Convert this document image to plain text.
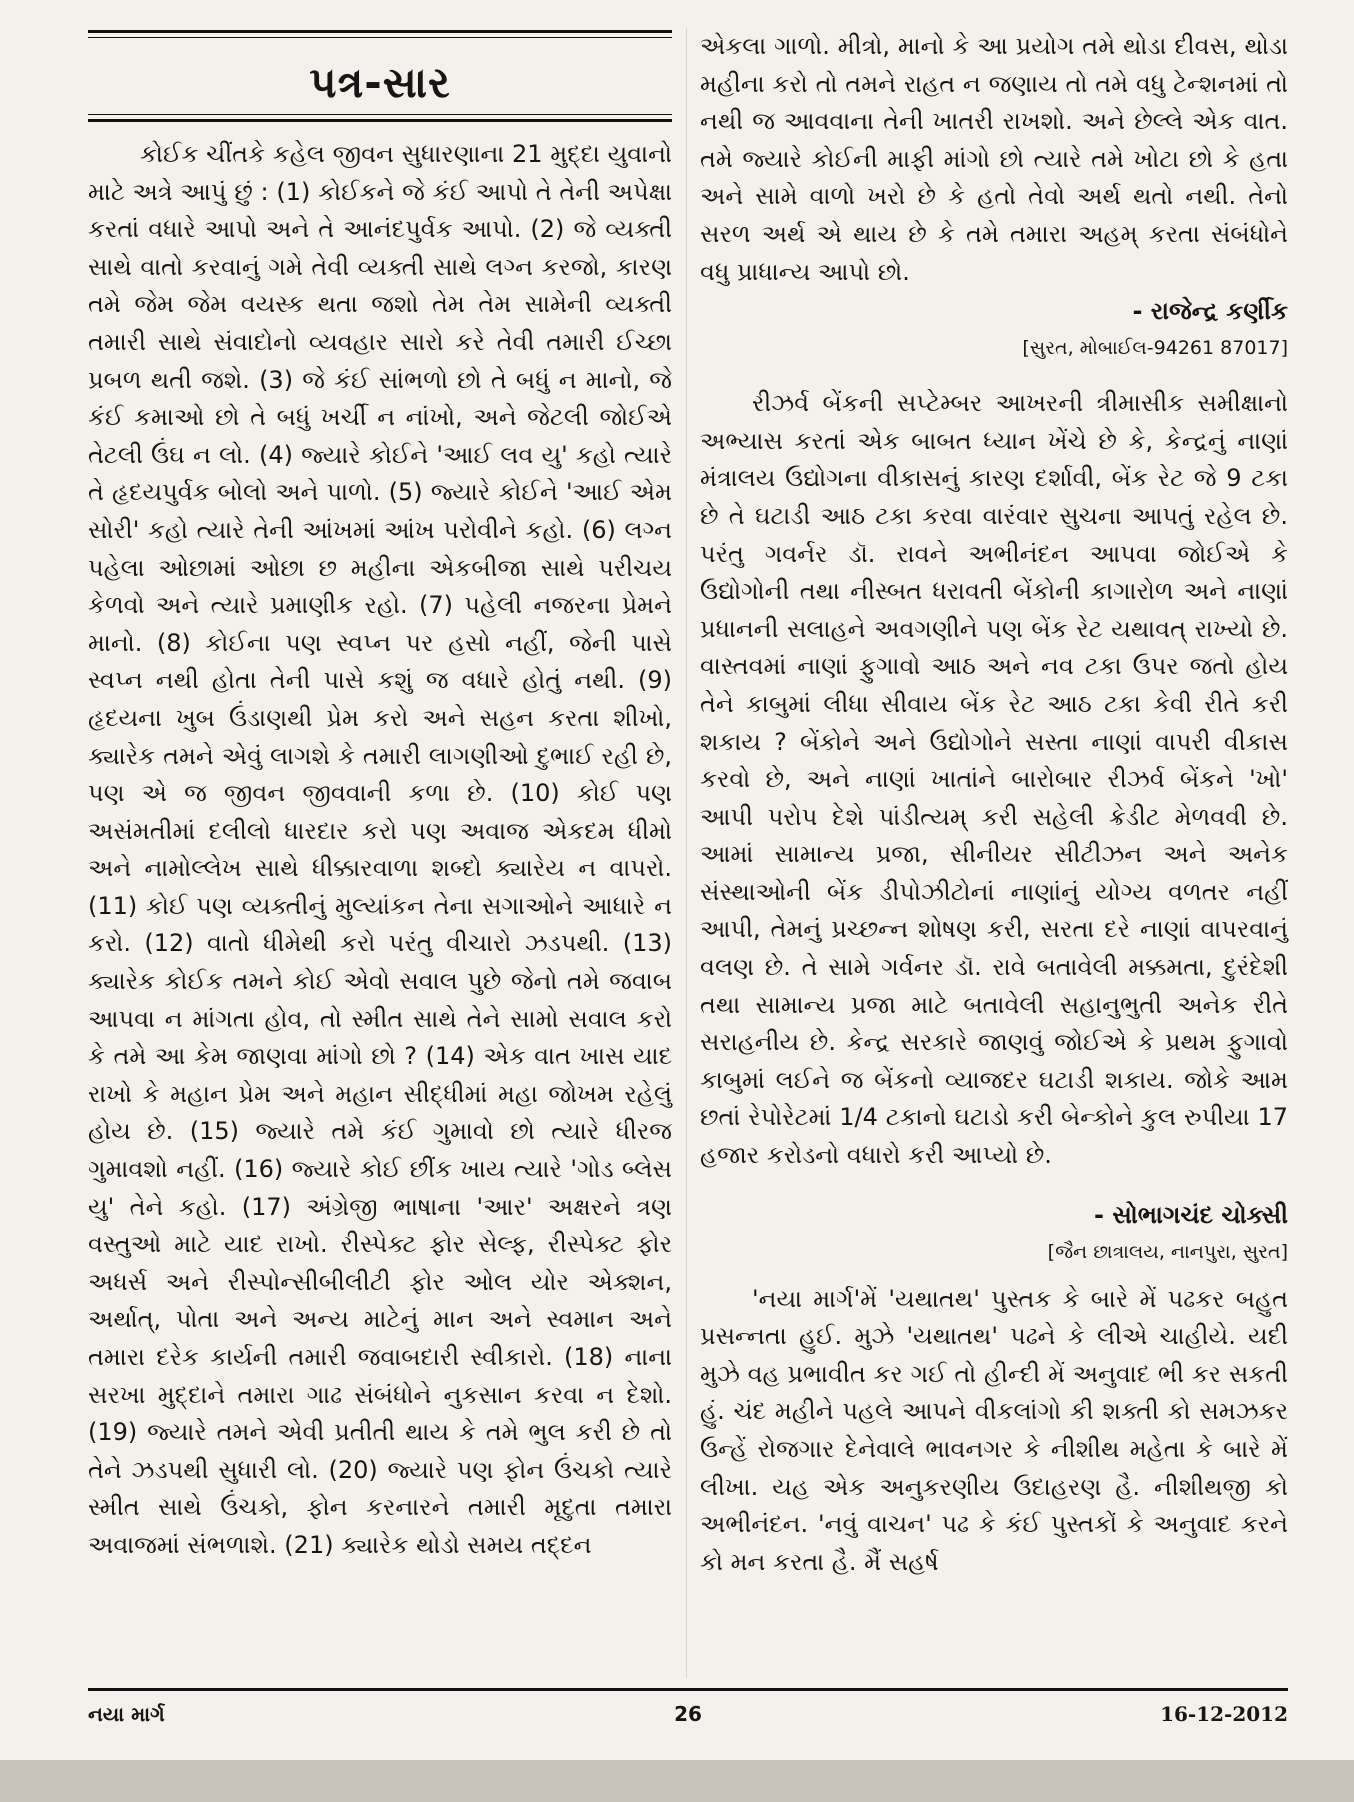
પત્ર-સાર

કોઈક ચીંતકે કહેલ જીવન સુધારણાના 21 મુદ્દા યુવાનો માટે અત્રે આપું છું : (1) કોઈકને જે કંઈ આપો તે તેની અપેક્ષા કરતાં વધારે આપો અને તે આનંદપુર્વક આપો. (2) જે વ્યક્તી સાથે વાતો કરવાનું ગમે તેવી વ્યક્તી સાથે લગ્ન કરજો, કારણ તમે જેમ જેમ વયસ્ક થતા જશો તેમ તેમ સામેની વ્યક્તી તમારી સાથે સંવાદોનો વ્યવહાર સારો કરે તેવી તમારી ઈચ્છા પ્રબળ થતી જશે. (3) જે કંઈ સાંભળો છો તે બધું ન માનો, જે કંઈ કમાઓ છો તે બધું ખર્ચી ન નાંખો, અને જેટલી જોઈએ તેટલી ઉંઘ ન લો. (4) જ્યારે કોઈને 'આઈ લવ યુ' કહો ત્યારે તે હૃદયપુર્વક બોલો અને પાળો. (5) જ્યારે કોઈને 'આઈ એમ સોરી' કહો ત્યારે તેની આંખમાં આંખ પરોવીને કહો. (6) લગ્ન પહેલા ઓછામાં ઓછા છ મહીના એકબીજા સાથે પરીચય કેળવો અને ત્યારે પ્રમાણીક રહો. (7) પહેલી નજરના પ્રેમને માનો. (8) કોઈના પણ સ્વપ્ન પર હસો નહીં, જેની પાસે સ્વપ્ન નથી હોતા તેની પાસે કશું જ વધારે હોતું નથી. (9) હૃદયના ખુબ ઉંડાણથી પ્રેમ કરો અને સહન કરતા શીખો, ક્યારેક તમને એવું લાગશે કે તમારી લાગણીઓ દુભાઈ રહી છે, પણ એ જ જીવન જીવવાની કળા છે. (10) કોઈ પણ અસંમતીમાં દલીલો ધારદાર કરો પણ અવાજ એકદમ ધીમો અને નામોલ્લેખ સાથે ધીક્કારવાળા શબ્દો ક્યારેય ન વાપરો. (11) કોઈ પણ વ્યક્તીનું મુલ્યાંકન તેના સગાઓને આધારે ન કરો. (12) વાતો ધીમેથી કરો પરંતુ વીચારો ઝડપથી. (13) ક્યારેક કોઈક તમને કોઈ એવો સવાલ પુછે જેનો તમે જવાબ આપવા ન માંગતા હોવ, તો સ્મીત સાથે તેને સામો સવાલ કરો કે તમે આ કેમ જાણવા માંગો છો ? (14) એક વાત ખાસ યાદ રાખો કે મહાન પ્રેમ અને મહાન સીદ્ધીમાં મહા જોખમ રહેલું હોય છે. (15) જ્યારે તમે કંઈ ગુમાવો છો ત્યારે ધીરજ ગુમાવશો નહીં. (16) જ્યારે કોઈ છીંક ખાય ત્યારે 'ગોડ બ્લેસ યુ' તેને કહો. (17) અંગ્રેજી ભાષાના 'આર' અક્ષરને ત્રણ વસ્તુઓ માટે યાદ રાખો. રીસ્પેક્ટ ફોર સેલ્ફ, રીસ્પેક્ટ ફોર અધર્સ અને રીસ્પોન્સીબીલીટી ફોર ઓલ યોર એક્શન, અર્થાત્, પોતા અને અન્ય માટેનું માન અને સ્વમાન અને તમારા દરેક કાર્યની તમારી જવાબદારી સ્વીકારો. (18) નાના સરખા મુદ્દાને તમારા ગાઢ સંબંધોને નુકસાન કરવા ન દેશો. (19) જ્યારે તમને એવી પ્રતીતી થાય કે તમે ભુલ કરી છે તો તેને ઝડપથી સુધારી લો. (20) જ્યારે પણ ફોન ઉંચકો ત્યારે સ્મીત સાથે ઉંચકો, ફોન કરનારને તમારી મૃદુતા તમારા અવાજમાં સંભળાશે. (21) ક્યારેક થોડો સમય તદ્દન

એકલા ગાળો. મીત્રો, માનો કે આ પ્રયોગ તમે થોડા દીવસ, થોડા મહીના કરો તો તમને રાહત ન જણાય તો તમે વધુ ટેન્શનમાં તો નથી જ આવવાના તેની ખાતરી રાખશો. અને છેલ્લે એક વાત. તમે જ્યારે કોઈની માફી માંગો છો ત્યારે તમે ખોટા છો કે હતા અને સામે વાળો ખરો છે કે હતો તેવો અર્થ થતો નથી. તેનો સરળ અર્થ એ થાય છે કે તમે તમારા અહમ્ કરતા સંબંધોને વધુ પ્રાધાન્ય આપો છો.

- રાજેન્દ્ર કર્ણીક

[સુરત, મોબાઈલ-94261 87017]

રીઝર્વ બેંકની સપ્ટેમ્બર આખરની ત્રીમાસીક સમીક્ષાનો અભ્યાસ કરતાં એક બાબત ધ્યાન ખેંચે છે કે, કેન્દ્રનું નાણાં મંત્રાલય ઉદ્યોગના વીકાસનું કારણ દર્શાવી, બેંક રેટ જે 9 ટકા છે તે ઘટાડી આઠ ટકા કરવા વારંવાર સુચના આપતું રહેલ છે. પરંતુ ગવર્નર ડૉ. રાવને અભીનંદન આપવા જોઈએ કે ઉદ્યોગોની તથા નીસ્બત ધરાવતી બેંકોની કાગારોળ અને નાણાં પ્રધાનની સલાહને અવગણીને પણ બેંક રેટ યથાવત્ રાખ્યો છે. વાસ્તવમાં નાણાં ફુગાવો આઠ અને નવ ટકા ઉપર જતો હોય તેને કાબુમાં લીધા સીવાય બેંક રેટ આઠ ટકા કેવી રીતે કરી શકાય ? બેંકોને અને ઉદ્યોગોને સસ્તા નાણાં વાપરી વીકાસ કરવો છે, અને નાણાં ખાતાંને બારોબાર રીઝર્વ બેંકને 'ખો' આપી પરોપ દેશે પાંડીત્યમ્ કરી સહેલી ક્રેડીટ મેળવવી છે. આમાં સામાન્ય પ્રજા, સીનીયર સીટીઝન અને અનેક સંસ્થાઓની બેંક ડીપોઝીટોનાં નાણાંનું યોગ્ય વળતર નહીં આપી, તેમનું પ્રચ્છન્ન શોષણ કરી, સરતા દરે નાણાં વાપરવાનું વલણ છે. તે સામે ગર્વનર ડૉ. રાવે બતાવેલી મક્કમતા, દુરંદેશી તથા સામાન્ય પ્રજા માટે બતાવેલી સહાનુભુતી અનેક રીતે સરાહનીય છે. કેન્દ્ર સરકારે જાણવું જોઈએ કે પ્રથમ ફુગાવો કાબુમાં લઈને જ બેંકનો વ્યાજદર ઘટાડી શકાય. જોકે આમ છતાં રેપોરેટમાં 1/4 ટકાનો ઘટાડો કરી બેન્કોને કુલ રુપીયા 17 હજાર કરોડનો વધારો કરી આપ્યો છે.

- સોભાગચંદ ચોક્સી

[જૈન છાત્રાલય, નાનપુરા, સુરત]

'નયા માર્ગ'મેં 'યથાતથ' પુસ્તક કે બારે મેં પઢકર બહુત પ્રસન્નતા હુઈ. મુઝે 'યથાતથ' પઢને કે લીએ ચાહીયે. યદી મુઝે વહ પ્રભાવીત કર ગઈ તો હીન્દી મેં અનુવાદ ભી કર સકતી હું. ચંદ મહીને પહલે આપને વીકલાંગો કી શક્તી કો સમઝકર ઉન્હેં રોજગાર દેનેવાલે ભાવનગર કે નીશીથ મહેતા કે બારે મેં લીખા. યહ એક અનુકરણીય ઉદાહરણ હૈ. નીશીથજી કો અભીનંદન. 'નવું વાચન' પઢ કે કંઈ પુસ્તકોં કે અનુવાદ કરને કો મન કરતા હૈ. મૈં સહર્ષ

નયા માર્ગ	26	16-12-2012
